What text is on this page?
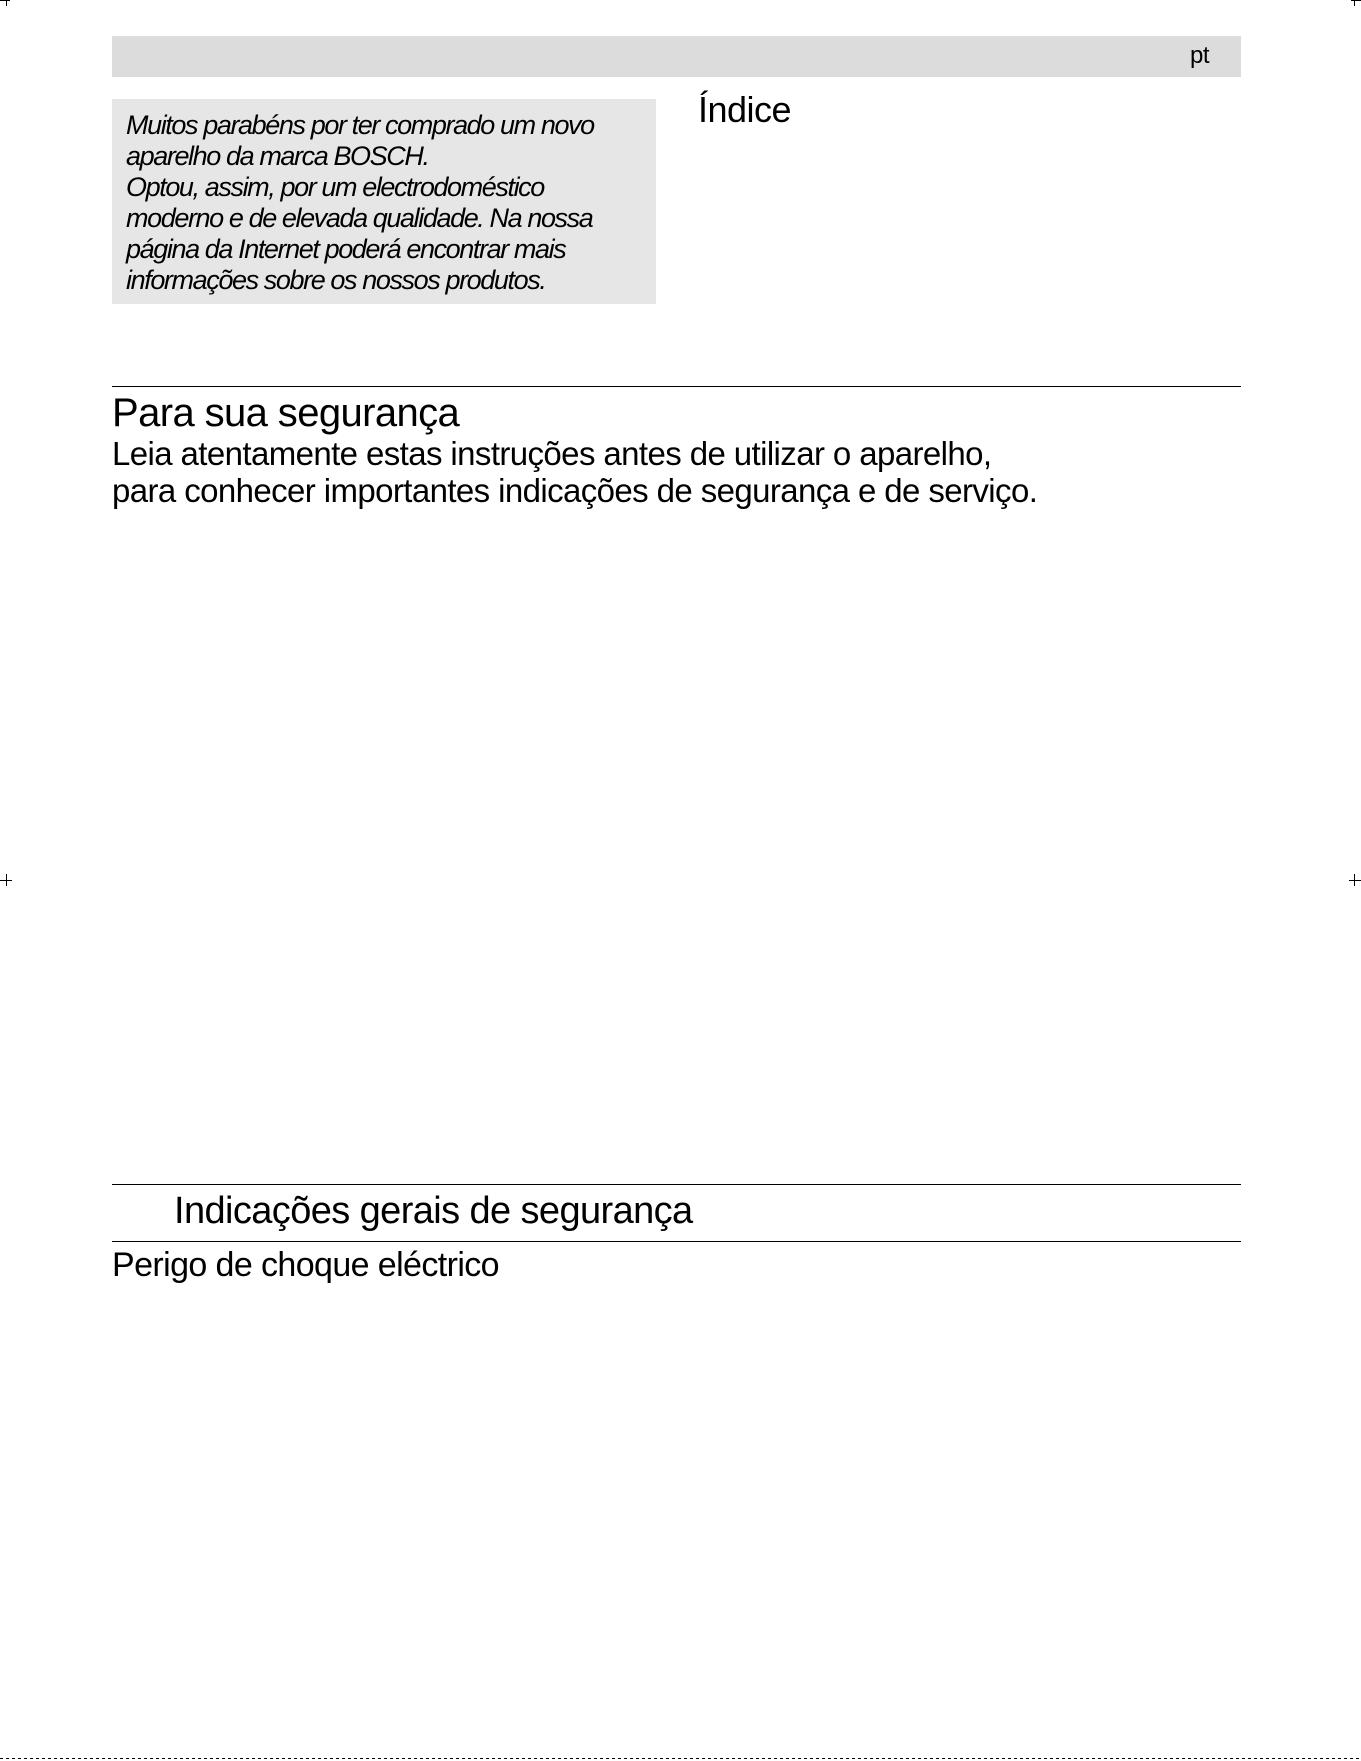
pt

Muitos parabéns por ter comprado um novo
aparelho da marca BOSCH.
Optou, assim, por um electrodoméstico
moderno e de elevada qualidade. Na nossa
página da Internet poderá encontrar mais
informações sobre os nossos produtos.

Índice
Para sua segurança

Leia atentamente estas instruções antes de utilizar o aparelho,
para conhecer importantes indicações de segurança e de serviço.

Indicações gerais de segurança
Perigo de choque eléctrico
